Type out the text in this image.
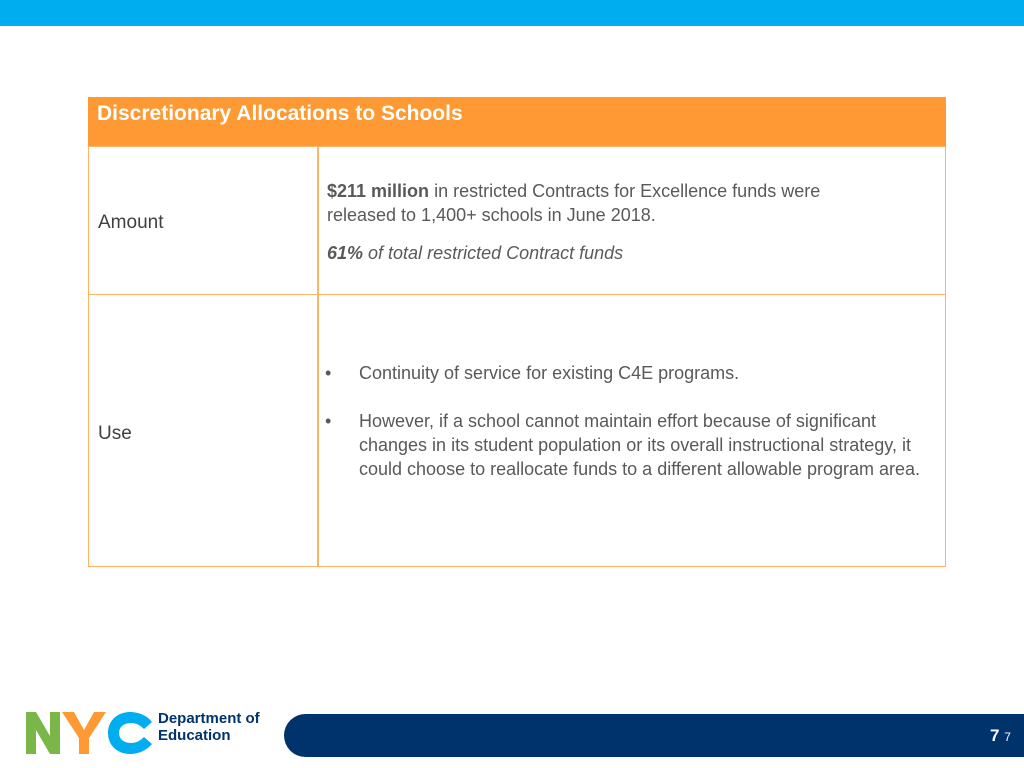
Discretionary Allocations to Schools
Amount
$211 million in restricted Contracts for Excellence funds were released to 1,400+ schools in June 2018.
61% of total restricted Contract funds
Use
• Continuity of service for existing C4E programs.
• However, if a school cannot maintain effort because of significant changes in its student population or its overall instructional strategy, it could choose to reallocate funds to a different allowable program area.
Department of
Education	7 7
